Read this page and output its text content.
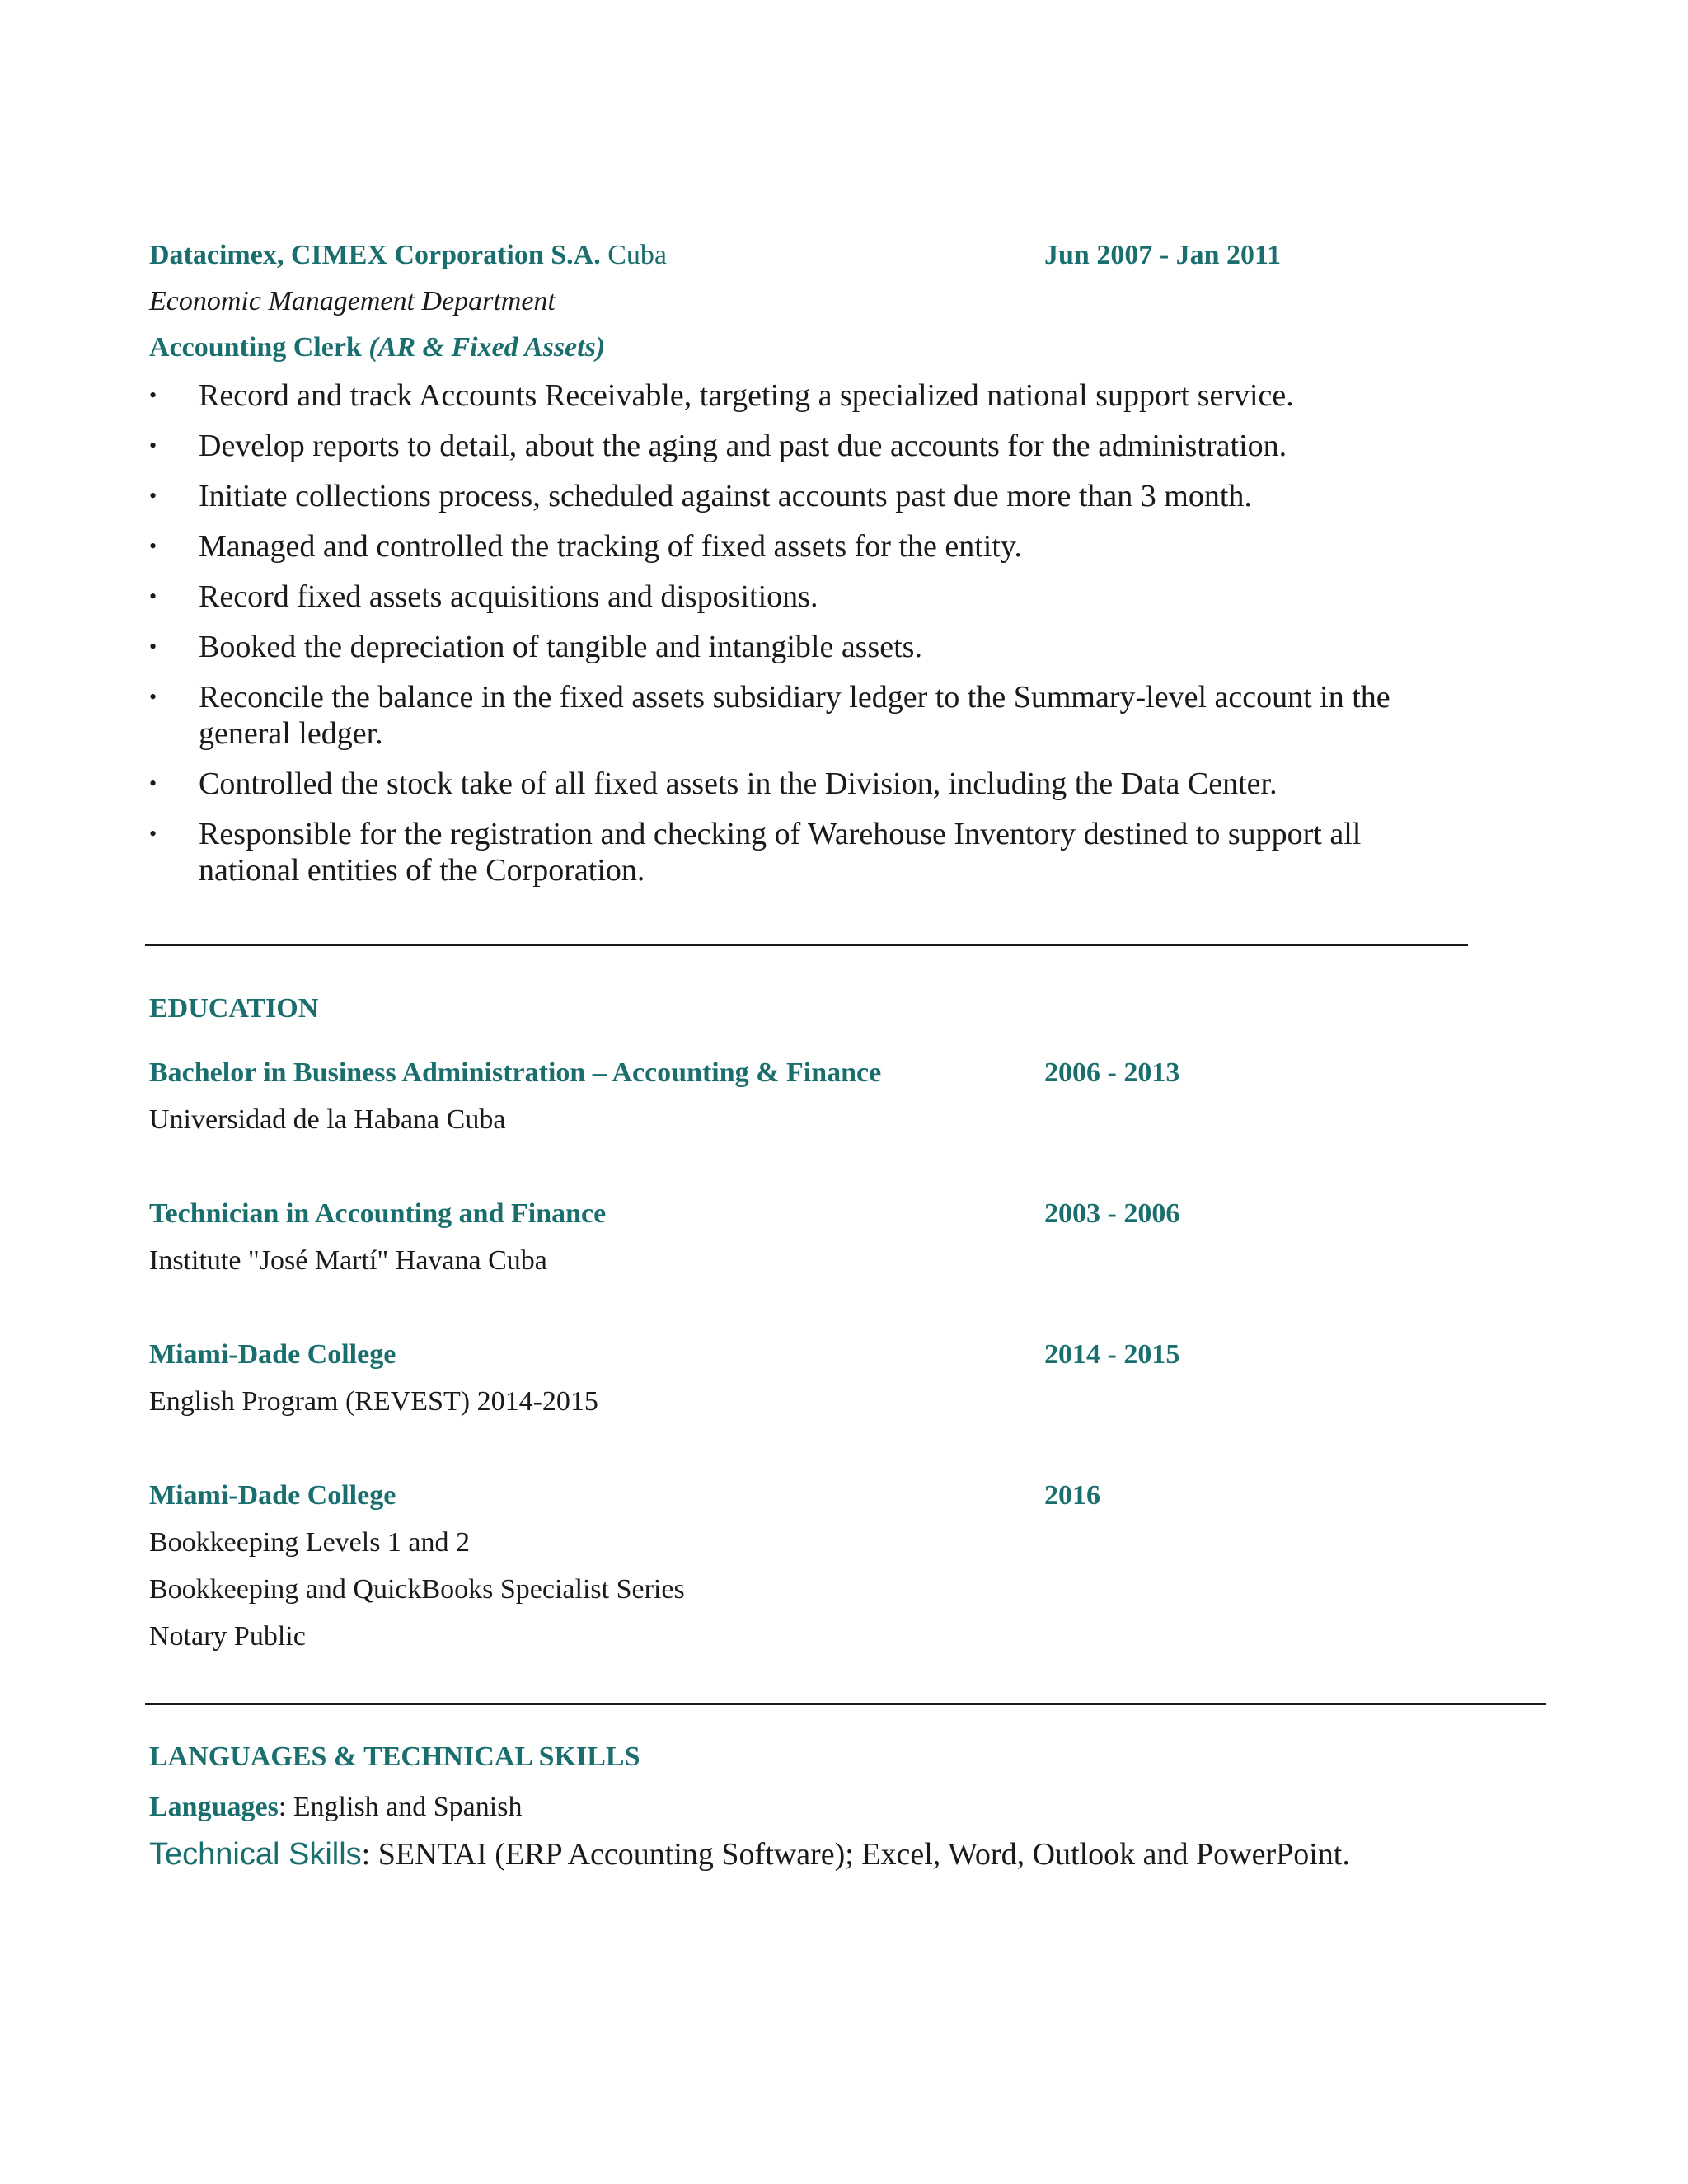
Datacimex, CIMEX Corporation S.A. Cuba	Jun 2007 - Jan 2011
Economic Management Department
Accounting Clerk (AR & Fixed Assets)
• Record and track Accounts Receivable, targeting a specialized national support service.
• Develop reports to detail, about the aging and past due accounts for the administration.
• Initiate collections process, scheduled against accounts past due more than 3 month.
• Managed and controlled the tracking of fixed assets for the entity.
• Record fixed assets acquisitions and dispositions.
• Booked the depreciation of tangible and intangible assets.
• Reconcile the balance in the fixed assets subsidiary ledger to the Summary-level account in the general ledger.
• Controlled the stock take of all fixed assets in the Division, including the Data Center.
• Responsible for the registration and checking of Warehouse Inventory destined to support all national entities of the Corporation.
EDUCATION
Bachelor in Business Administration – Accounting & Finance	2006 - 2013
Universidad de la Habana Cuba
Technician in Accounting and Finance	2003 - 2006
Institute "José Martí" Havana Cuba
Miami-Dade College	2014 - 2015
English Program (REVEST) 2014-2015
Miami-Dade College	2016
Bookkeeping Levels 1 and 2
Bookkeeping and QuickBooks Specialist Series
Notary Public
LANGUAGES & TECHNICAL SKILLS
Languages: English and Spanish
Technical Skills: SENTAI (ERP Accounting Software); Excel, Word, Outlook and PowerPoint.
